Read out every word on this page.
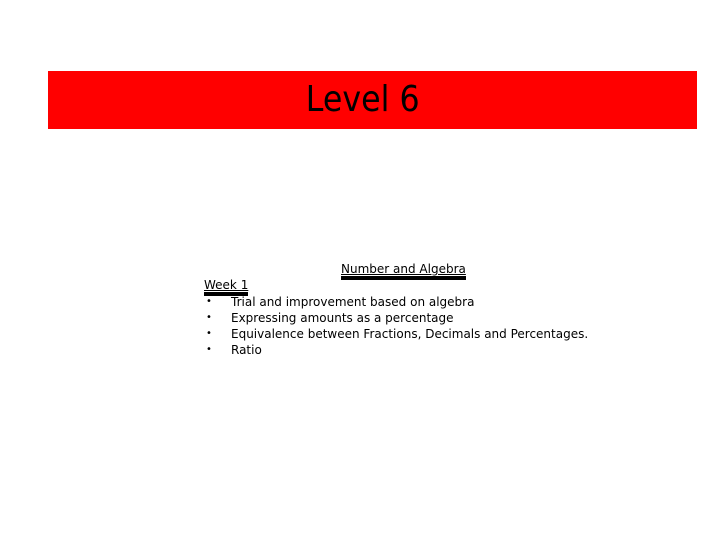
Level 6
Number and Algebra
Week 1
• Trial and improvement based on algebra
• Expressing amounts as a percentage
• Equivalence between Fractions, Decimals and Percentages.
• Ratio
